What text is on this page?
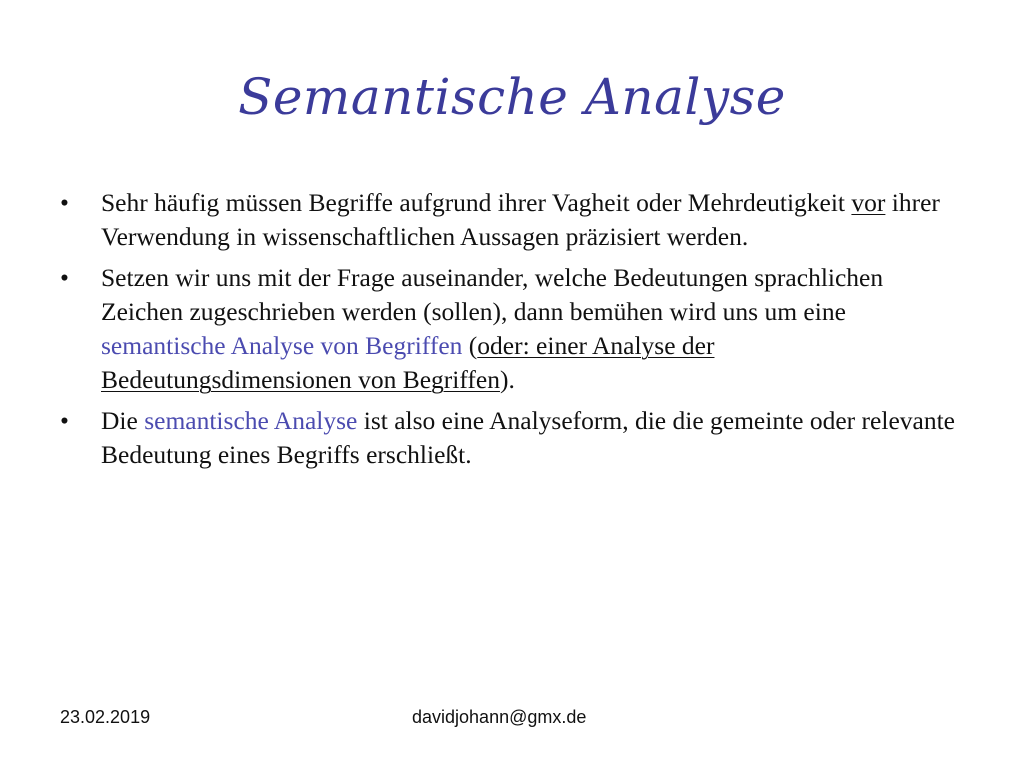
Semantische Analyse
• Sehr häufig müssen Begriffe aufgrund ihrer Vagheit oder Mehrdeutigkeit vor ihrer Verwendung in wissenschaftlichen Aussagen präzisiert werden.
• Setzen wir uns mit der Frage auseinander, welche Bedeutungen sprachlichen Zeichen zugeschrieben werden (sollen), dann bemühen wird uns um eine semantische Analyse von Begriffen (oder: einer Analyse der Bedeutungsdimensionen von Begriffen).
• Die semantische Analyse ist also eine Analyseform, die die gemeinte oder relevante Bedeutung eines Begriffs erschließt.
23.02.2019	davidjohann@gmx.de
